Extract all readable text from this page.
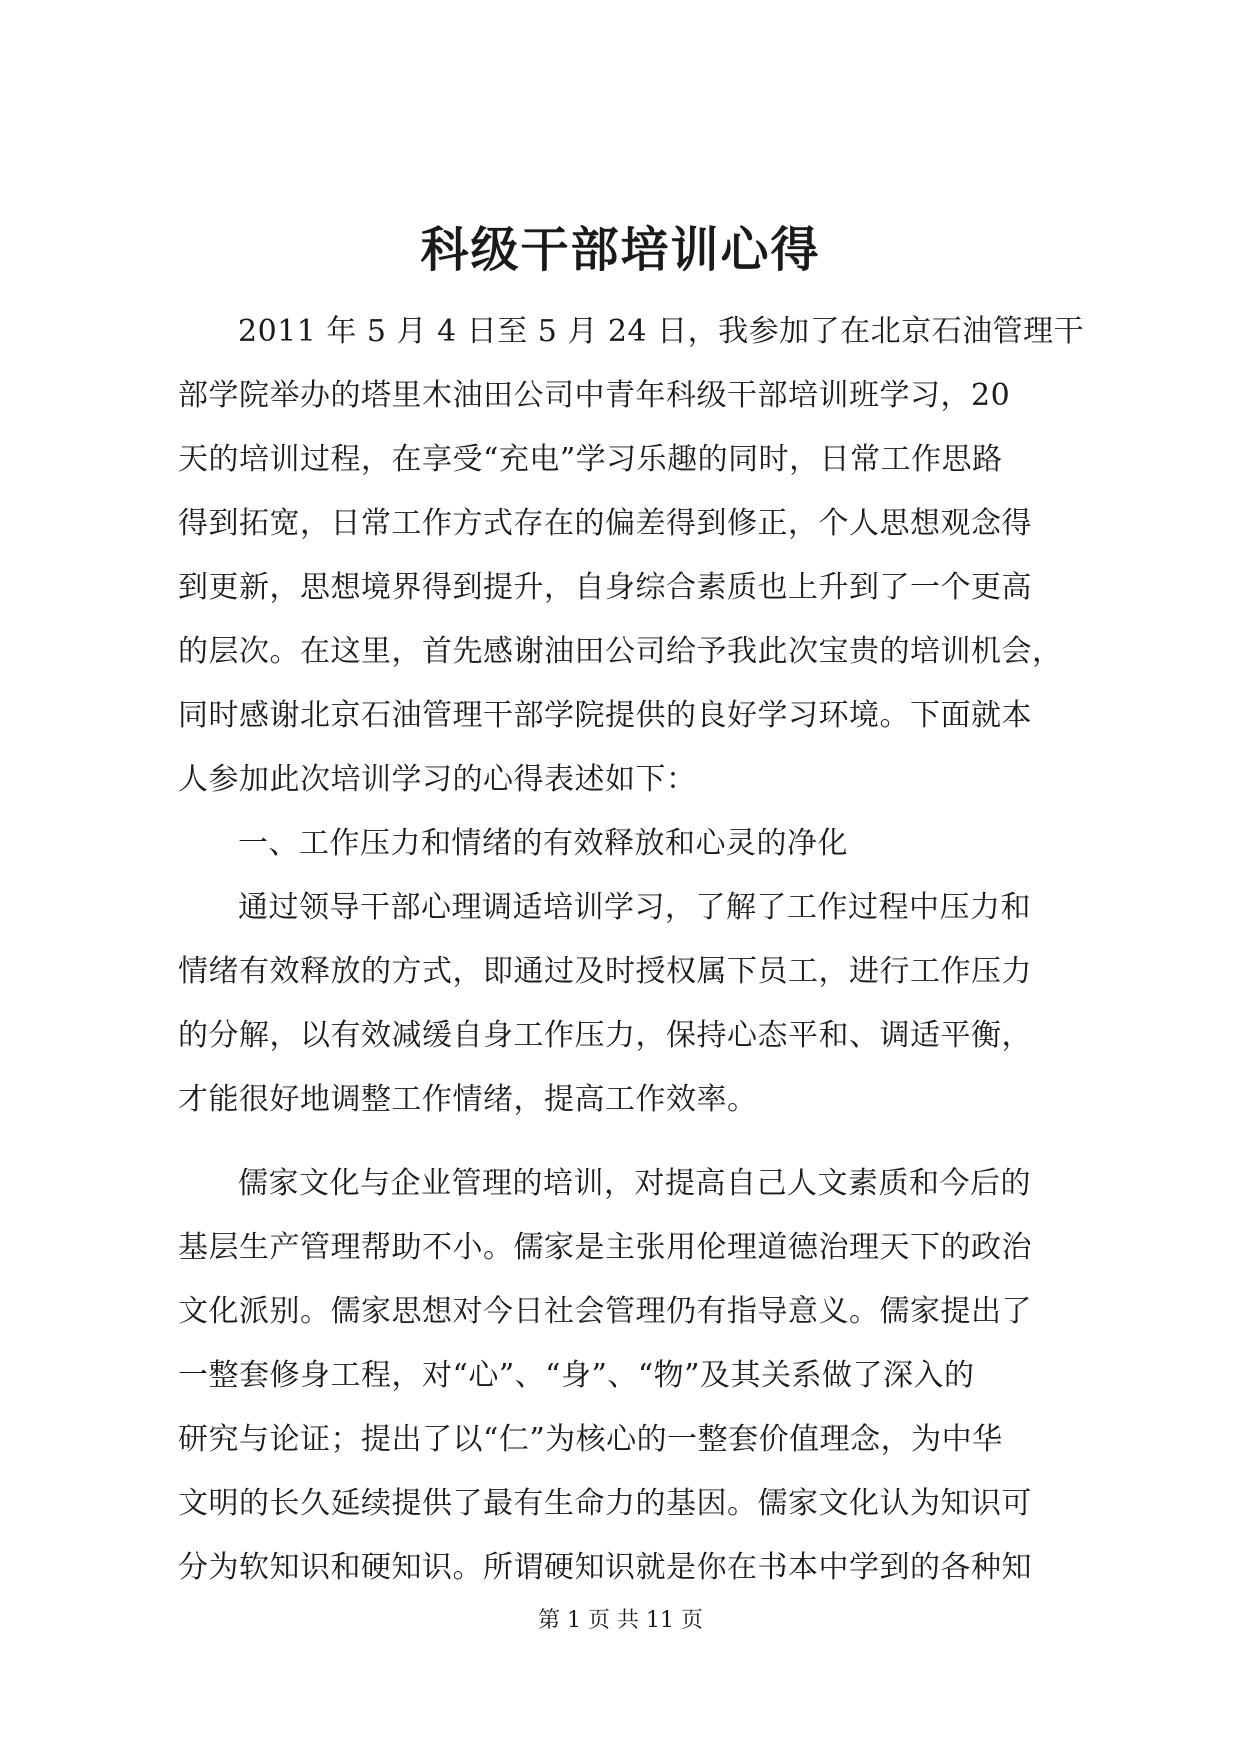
科级干部培训心得
2011 年 5 月 4 日至 5 月 24 日，我参加了在北京石油管理干
部学院举办的塔里木油田公司中青年科级干部培训班学习，20
天的培训过程，在享受“充电”学习乐趣的同时，日常工作思路
得到拓宽，日常工作方式存在的偏差得到修正，个人思想观念得
到更新，思想境界得到提升，自身综合素质也上升到了一个更高
的层次。在这里，首先感谢油田公司给予我此次宝贵的培训机会，
同时感谢北京石油管理干部学院提供的良好学习环境。下面就本
人参加此次培训学习的心得表述如下：
一、工作压力和情绪的有效释放和心灵的净化
通过领导干部心理调适培训学习，了解了工作过程中压力和
情绪有效释放的方式，即通过及时授权属下员工，进行工作压力
的分解，以有效减缓自身工作压力，保持心态平和、调适平衡，
才能很好地调整工作情绪，提高工作效率。
儒家文化与企业管理的培训，对提高自己人文素质和今后的
基层生产管理帮助不小。儒家是主张用伦理道德治理天下的政治
文化派别。儒家思想对今日社会管理仍有指导意义。儒家提出了
一整套修身工程，对“心”、“身”、“物”及其关系做了深入的
研究与论证；提出了以“仁”为核心的一整套价值理念，为中华
文明的长久延续提供了最有生命力的基因。儒家文化认为知识可
分为软知识和硬知识。所谓硬知识就是你在书本中学到的各种知
第 1 页 共 11 页
